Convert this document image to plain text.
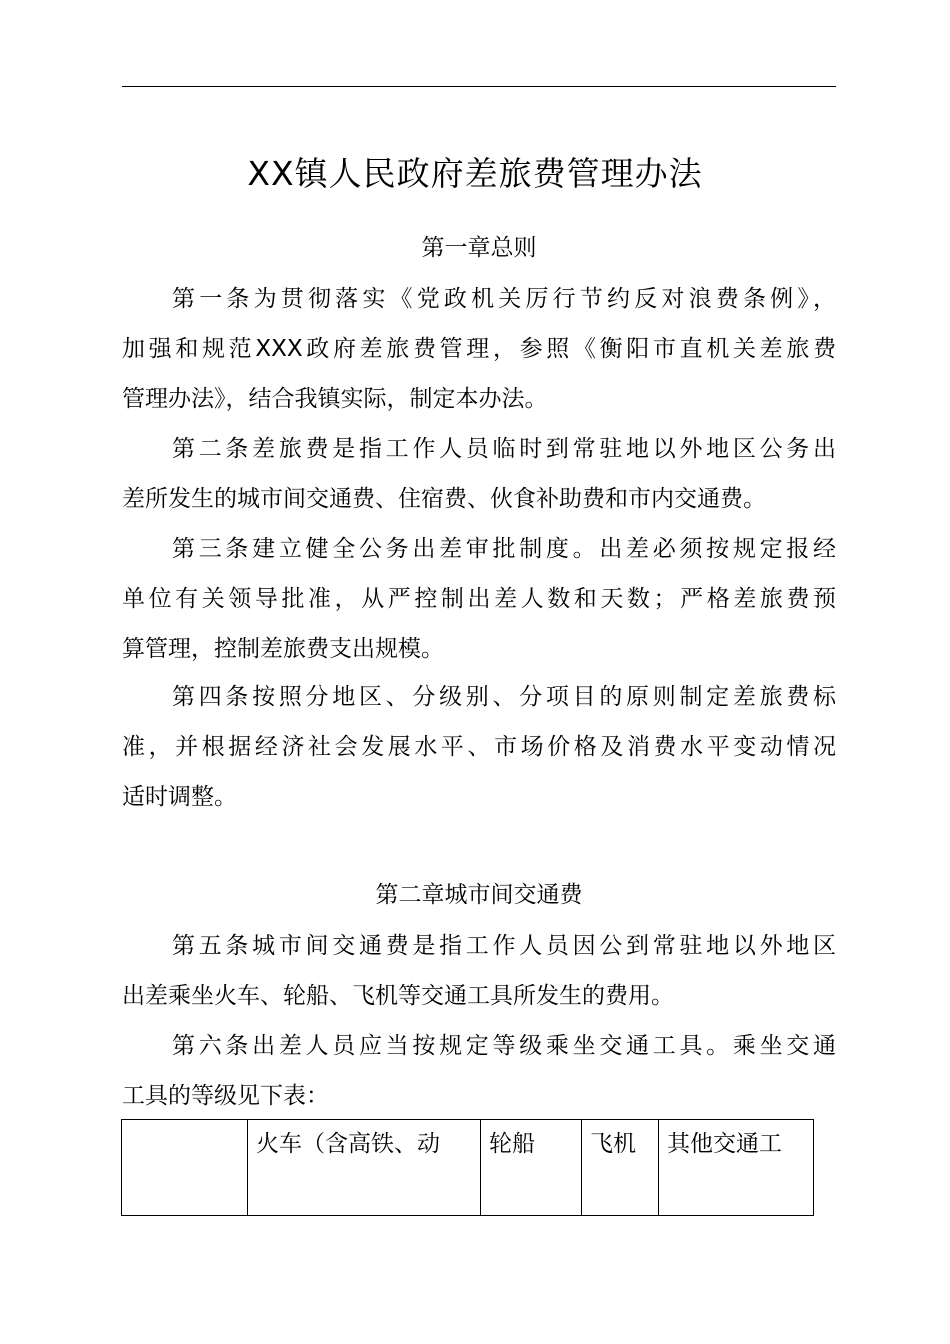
XX镇人民政府差旅费管理办法
第一章总则
第一条为贯彻落实《党政机关厉行节约反对浪费条例》，
加强和规范XXX政府差旅费管理，参照《衡阳市直机关差旅费
管理办法》，结合我镇实际，制定本办法。
第二条差旅费是指工作人员临时到常驻地以外地区公务出
差所发生的城市间交通费、住宿费、伙食补助费和市内交通费。
第三条建立健全公务出差审批制度。出差必须按规定报经
单位有关领导批准，从严控制出差人数和天数；严格差旅费预
算管理，控制差旅费支出规模。
第四条按照分地区、分级别、分项目的原则制定差旅费标
准，并根据经济社会发展水平、市场价格及消费水平变动情况
适时调整。
第二章城市间交通费
第五条城市间交通费是指工作人员因公到常驻地以外地区
出差乘坐火车、轮船、飞机等交通工具所发生的费用。
第六条出差人员应当按规定等级乘坐交通工具。乘坐交通
工具的等级见下表：
	火车（含高铁、动	轮船	飞机	其他交通工
